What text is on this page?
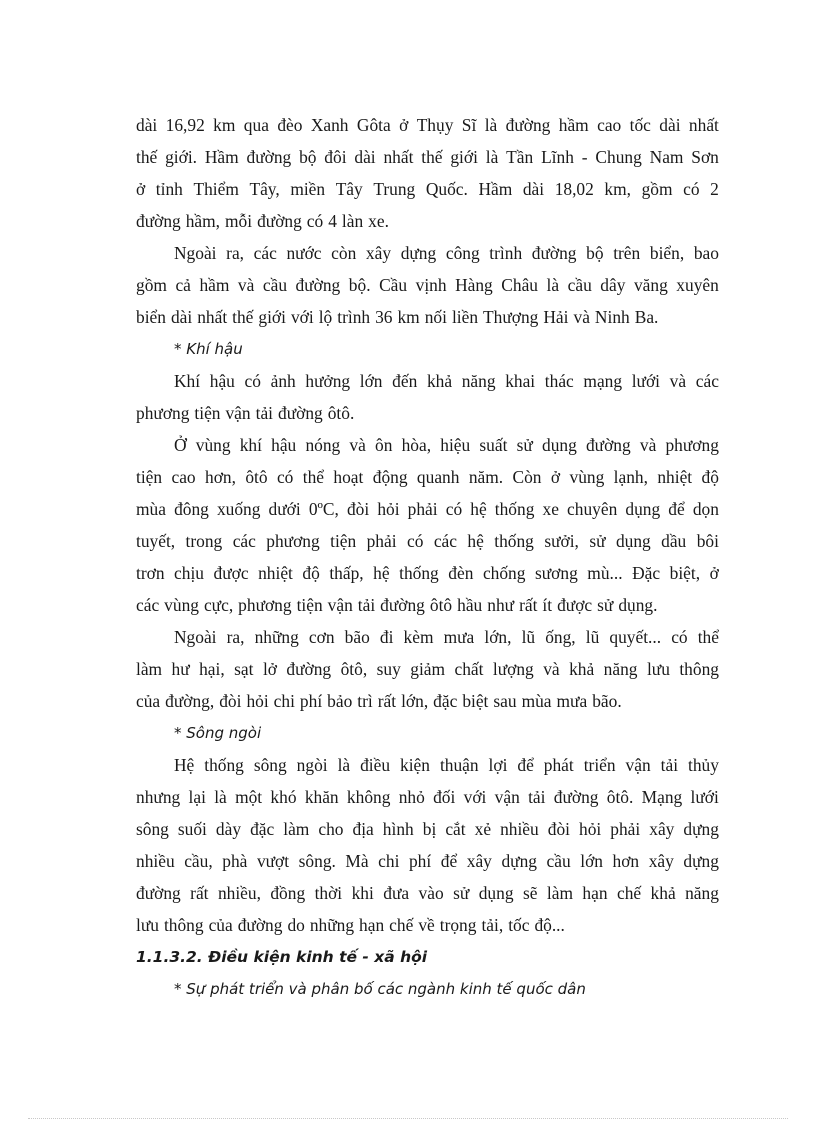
dài 16,92 km qua đèo Xanh Gôta ở Thụy Sĩ là đường hầm cao tốc dài nhất
thế giới. Hầm đường bộ đôi dài nhất thế giới là Tần Lĩnh - Chung Nam Sơn
ở tỉnh Thiểm Tây, miền Tây Trung Quốc. Hầm dài 18,02 km, gồm có 2
đường hầm, mỗi đường có 4 làn xe.
Ngoài ra, các nước còn xây dựng công trình đường bộ trên biển, bao
gồm cả hầm và cầu đường bộ. Cầu vịnh Hàng Châu là cầu dây văng xuyên
biển dài nhất thế giới với lộ trình 36 km nối liền Thượng Hải và Ninh Ba.
* Khí hậu
Khí hậu có ảnh hưởng lớn đến khả năng khai thác mạng lưới và các
phương tiện vận tải đường ôtô.
Ở vùng khí hậu nóng và ôn hòa, hiệu suất sử dụng đường và phương
tiện cao hơn, ôtô có thể hoạt động quanh năm. Còn ở vùng lạnh, nhiệt độ
mùa đông xuống dưới 0ºC, đòi hỏi phải có hệ thống xe chuyên dụng để dọn
tuyết, trong các phương tiện phải có các hệ thống sưởi, sử dụng dầu bôi
trơn chịu được nhiệt độ thấp, hệ thống đèn chống sương mù... Đặc biệt, ở
các vùng cực, phương tiện vận tải đường ôtô hầu như rất ít được sử dụng.
Ngoài ra, những cơn bão đi kèm mưa lớn, lũ ống, lũ quyết... có thể
làm hư hại, sạt lở đường ôtô, suy giảm chất lượng và khả năng lưu thông
của đường, đòi hỏi chi phí bảo trì rất lớn, đặc biệt sau mùa mưa bão.
* Sông ngòi
Hệ thống sông ngòi là điều kiện thuận lợi để phát triển vận tải thủy
nhưng lại là một khó khăn không nhỏ đối với vận tải đường ôtô. Mạng lưới
sông suối dày đặc làm cho địa hình bị cắt xẻ nhiều đòi hỏi phải xây dựng
nhiều cầu, phà vượt sông. Mà chi phí để xây dựng cầu lớn hơn xây dựng
đường rất nhiều, đồng thời khi đưa vào sử dụng sẽ làm hạn chế khả năng
lưu thông của đường do những hạn chế về trọng tải, tốc độ...
1.1.3.2. Điều kiện kinh tế - xã hội
* Sự phát triển và phân bố các ngành kinh tế quốc dân
